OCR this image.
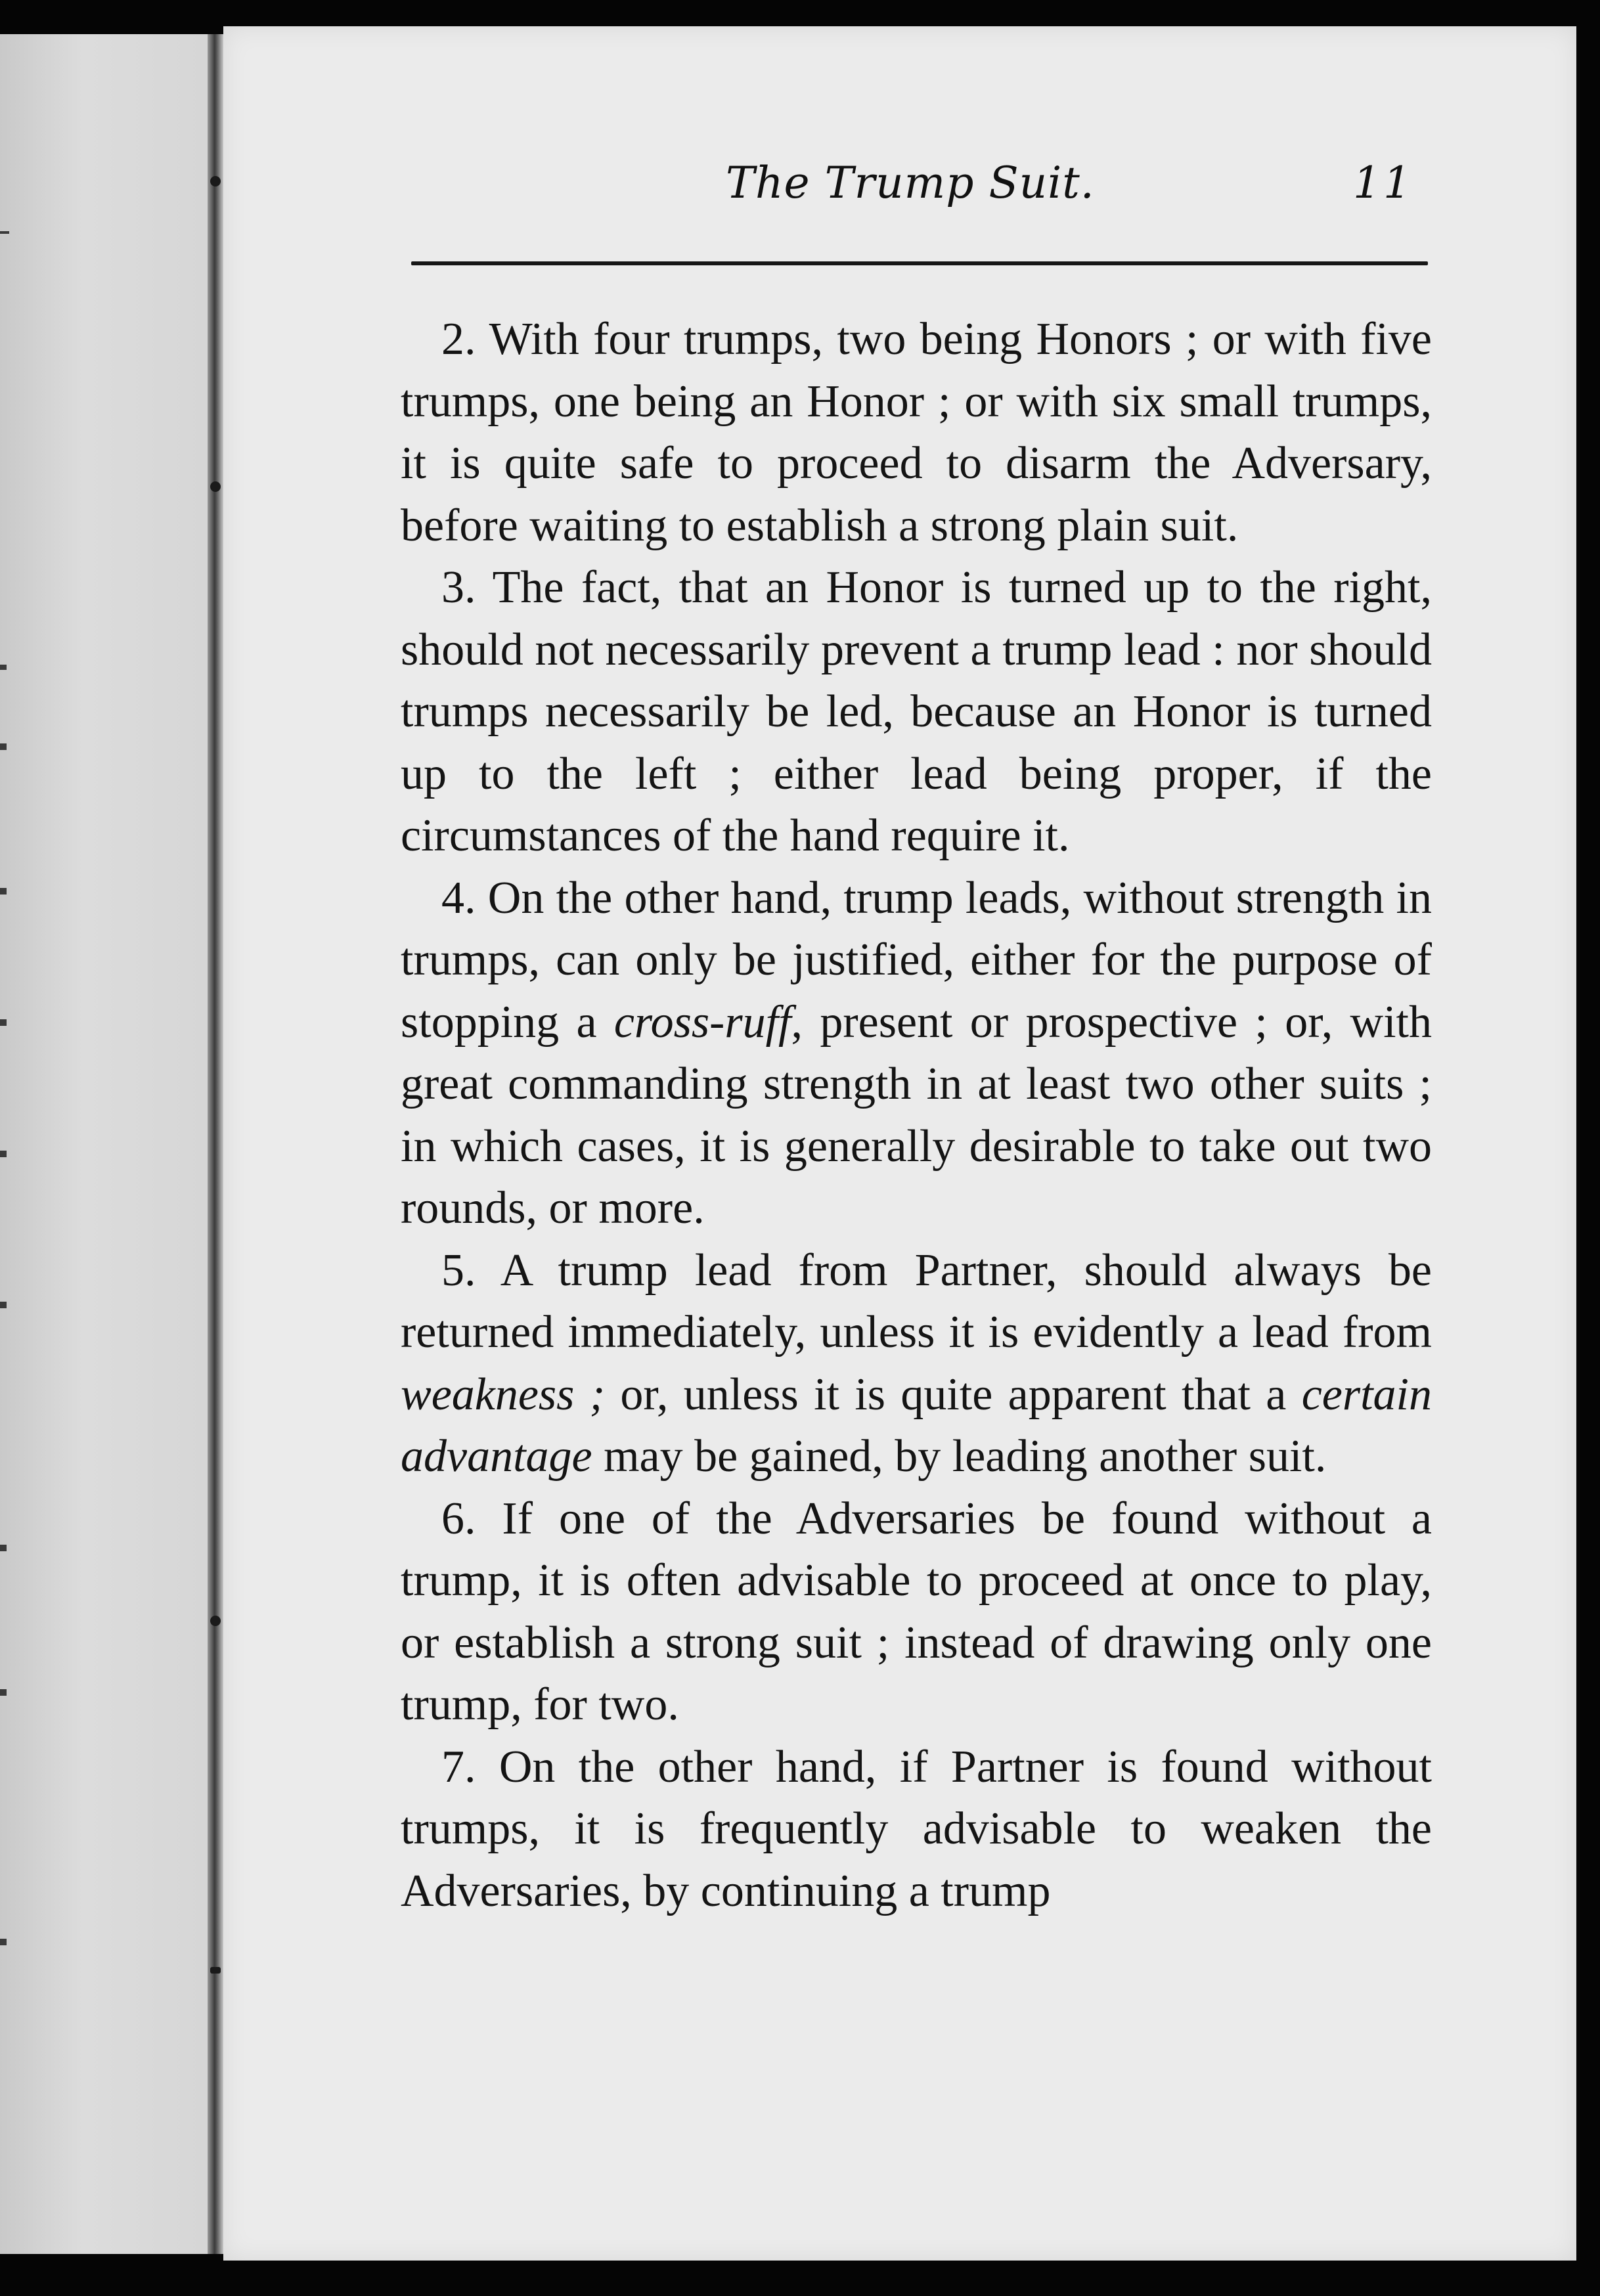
The Trump Suit.	11

2. With four trumps, two being Honors ; or with five trumps, one being an Honor ; or with six small trumps, it is quite safe to proceed to disarm the Adversary, before waiting to establish a strong plain suit.

3. The fact, that an Honor is turned up to the right, should not necessarily prevent a trump lead : nor should trumps necessarily be led, because an Honor is turned up to the left ; either lead being proper, if the circumstances of the hand require it.

4. On the other hand, trump leads, without strength in trumps, can only be justified, either for the purpose of stopping a cross-ruff, present or prospective ; or, with great commanding strength in at least two other suits ; in which cases, it is generally desirable to take out two rounds, or more.

5. A trump lead from Partner, should always be returned immediately, unless it is evidently a lead from weakness ; or, unless it is quite apparent that a certain advantage may be gained, by leading another suit.

6. If one of the Adversaries be found without a trump, it is often advisable to proceed at once to play, or establish a strong suit ; instead of drawing only one trump, for two.

7. On the other hand, if Partner is found without trumps, it is frequently advisable to weaken the Adversaries, by continuing a trump
